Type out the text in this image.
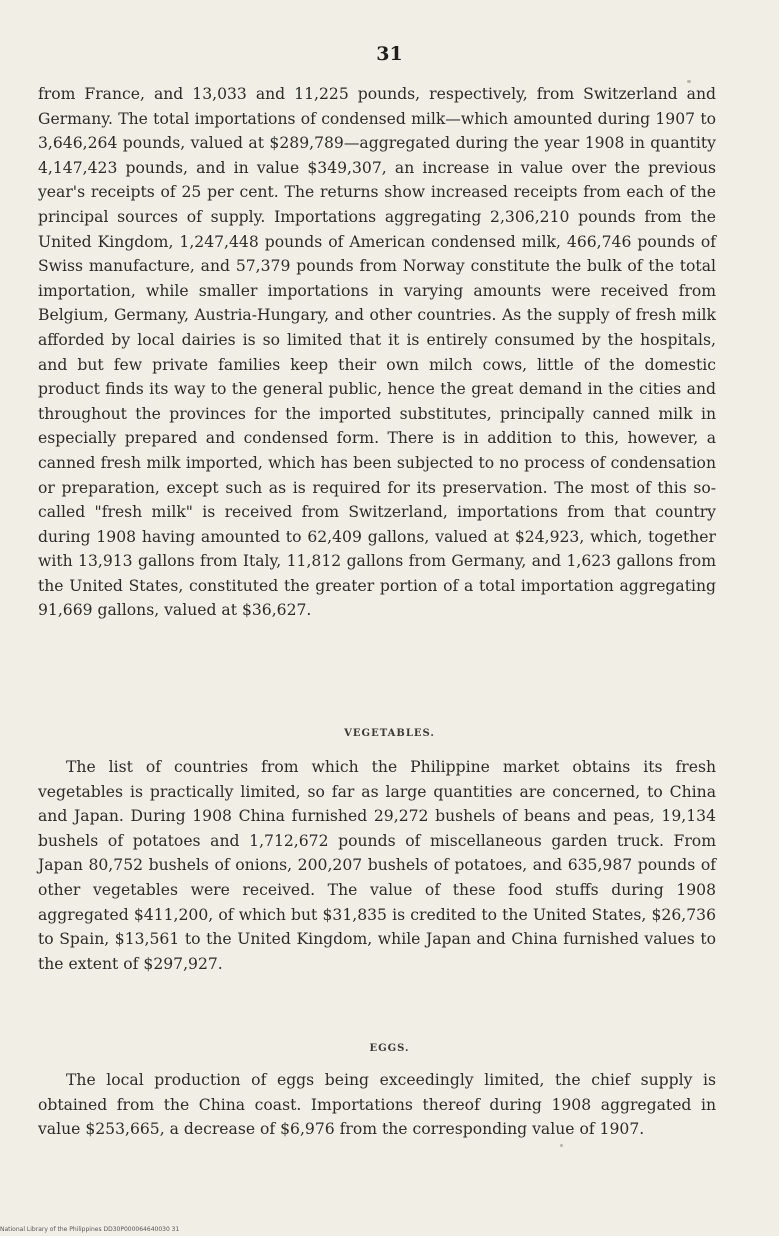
31

from France, and 13,033 and 11,225 pounds, respectively, from Switzerland and Germany. The total importations of condensed milk—which amounted during 1907 to 3,646,264 pounds, valued at $289,789—aggregated during the year 1908 in quantity 4,147,423 pounds, and in value $349,307, an increase in value over the previous year's receipts of 25 per cent. The returns show increased receipts from each of the principal sources of supply. Importations aggregating 2,306,210 pounds from the United Kingdom, 1,247,448 pounds of American condensed milk, 466,746 pounds of Swiss manufacture, and 57,379 pounds from Norway constitute the bulk of the total importation, while smaller importations in varying amounts were received from Belgium, Germany, Austria-Hungary, and other countries. As the supply of fresh milk afforded by local dairies is so limited that it is entirely consumed by the hospitals, and but few private families keep their own milch cows, little of the domestic product finds its way to the general public, hence the great demand in the cities and throughout the provinces for the imported substitutes, principally canned milk in especially prepared and condensed form. There is in addition to this, however, a canned fresh milk imported, which has been subjected to no process of condensation or preparation, except such as is required for its preservation. The most of this so-called "fresh milk" is received from Switzerland, importations from that country during 1908 having amounted to 62,409 gallons, valued at $24,923, which, together with 13,913 gallons from Italy, 11,812 gallons from Germany, and 1,623 gallons from the United States, constituted the greater portion of a total importation aggregating 91,669 gallons, valued at $36,627.

VEGETABLES.

The list of countries from which the Philippine market obtains its fresh vegetables is practically limited, so far as large quantities are concerned, to China and Japan. During 1908 China furnished 29,272 bushels of beans and peas, 19,134 bushels of potatoes and 1,712,672 pounds of miscellaneous garden truck. From Japan 80,752 bushels of onions, 200,207 bushels of potatoes, and 635,987 pounds of other vegetables were received. The value of these food stuffs during 1908 aggregated $411,200, of which but $31,835 is credited to the United States, $26,736 to Spain, $13,561 to the United Kingdom, while Japan and China furnished values to the extent of $297,927.

EGGS.

The local production of eggs being exceedingly limited, the chief supply is obtained from the China coast. Importations thereof during 1908 aggregated in value $253,665, a decrease of $6,976 from the corresponding value of 1907.

National Library of the Philippines DD30P000064640030 31
